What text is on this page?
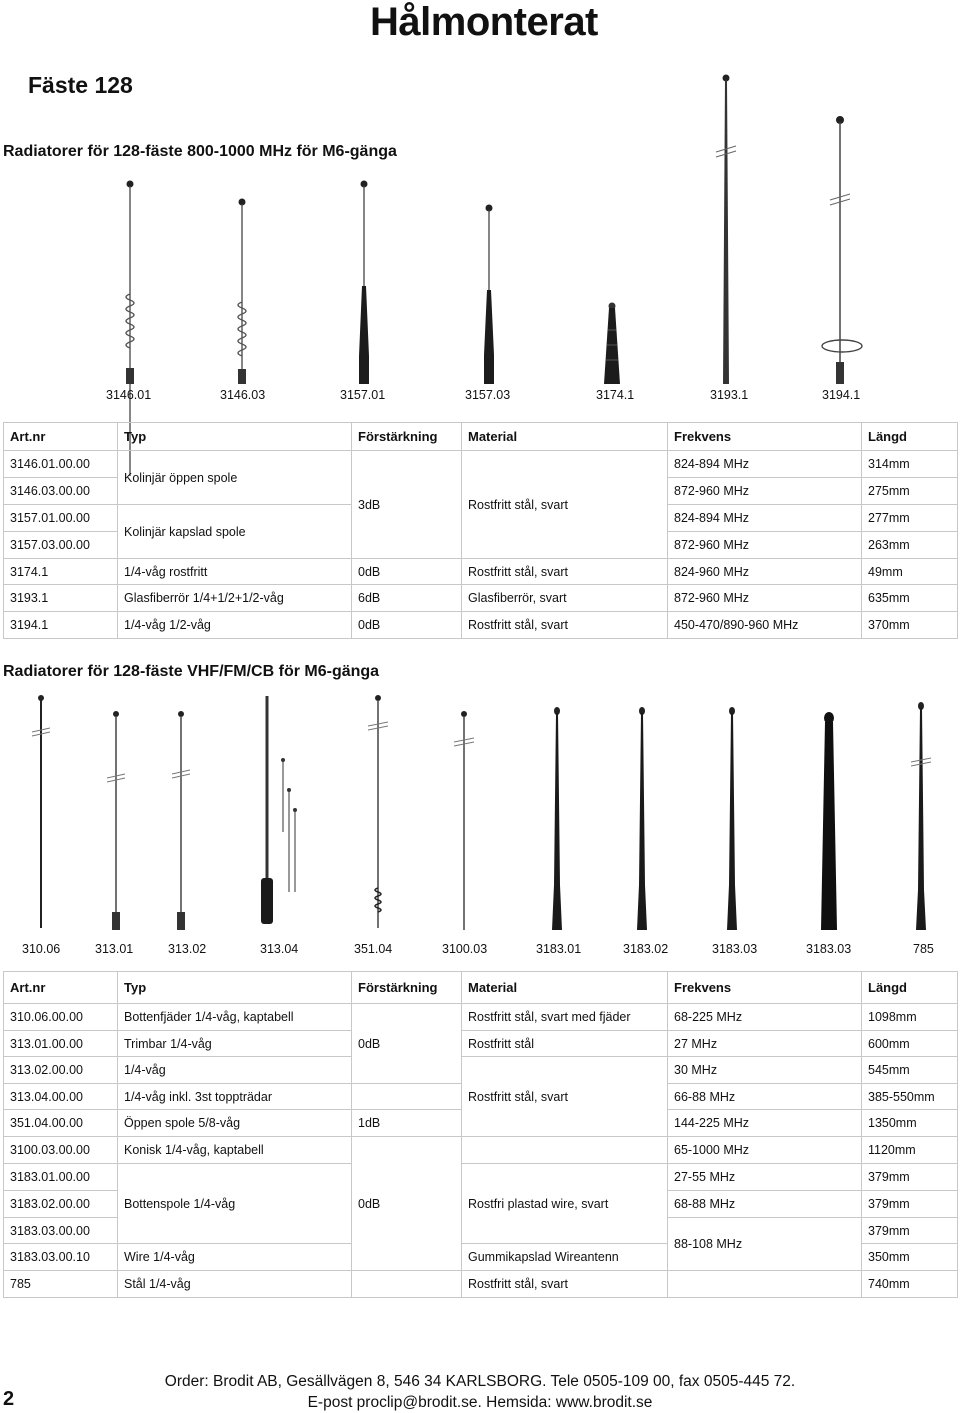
Hålmonterat
Fäste 128
Radiatorer för 128-fäste 800-1000 MHz för M6-gänga
3146.01	3146.03	3157.01	3157.03	3174.1	3193.1	3194.1
Art.nr	Typ	Förstärkning	Material	Frekvens	Längd
3146.01.00.00	Kolinjär öppen spole	3dB	Rostfritt stål, svart	824-894 MHz	314mm
3146.03.00.00				872-960 MHz	275mm
3157.01.00.00	Kolinjär kapslad spole			824-894 MHz	277mm
3157.03.00.00				872-960 MHz	263mm
3174.1	1/4-våg rostfritt	0dB	Rostfritt stål, svart	824-960 MHz	49mm
3193.1	Glasfiberrör 1/4+1/2+1/2-våg	6dB	Glasfiberrör, svart	872-960 MHz	635mm
3194.1	1/4-våg 1/2-våg	0dB	Rostfritt stål, svart	450-470/890-960 MHz	370mm
Radiatorer för 128-fäste VHF/FM/CB för M6-gänga
310.06	313.01	313.02	313.04	351.04	3100.03	3183.01	3183.02	3183.03	3183.03	785
Art.nr	Typ	Förstärkning	Material	Frekvens	Längd
310.06.00.00	Bottenfjäder 1/4-våg, kaptabell	0dB	Rostfritt stål, svart med fjäder	68-225 MHz	1098mm
313.01.00.00	Trimbar 1/4-våg		Rostfritt stål	27 MHz	600mm
313.02.00.00	1/4-våg		Rostfritt stål, svart	30 MHz	545mm
313.04.00.00	1/4-våg inkl. 3st toppträdar			66-88 MHz	385-550mm
351.04.00.00	Öppen spole 5/8-våg	1dB		144-225 MHz	1350mm
3100.03.00.00	Konisk 1/4-våg, kaptabell	0dB		65-1000 MHz	1120mm
3183.01.00.00	Bottenspole 1/4-våg		Rostfri plastad wire, svart	27-55 MHz	379mm
3183.02.00.00				68-88 MHz	379mm
3183.03.00.00				88-108 MHz	379mm
3183.03.00.10	Wire 1/4-våg		Gummikapslad Wireantenn		350mm
785	Stål 1/4-våg		Rostfritt stål, svart		740mm
Order: Brodit AB, Gesällvägen 8, 546 34 KARLSBORG. Tele 0505-109 00, fax 0505-445 72.
E-post proclip@brodit.se. Hemsida: www.brodit.se
2
